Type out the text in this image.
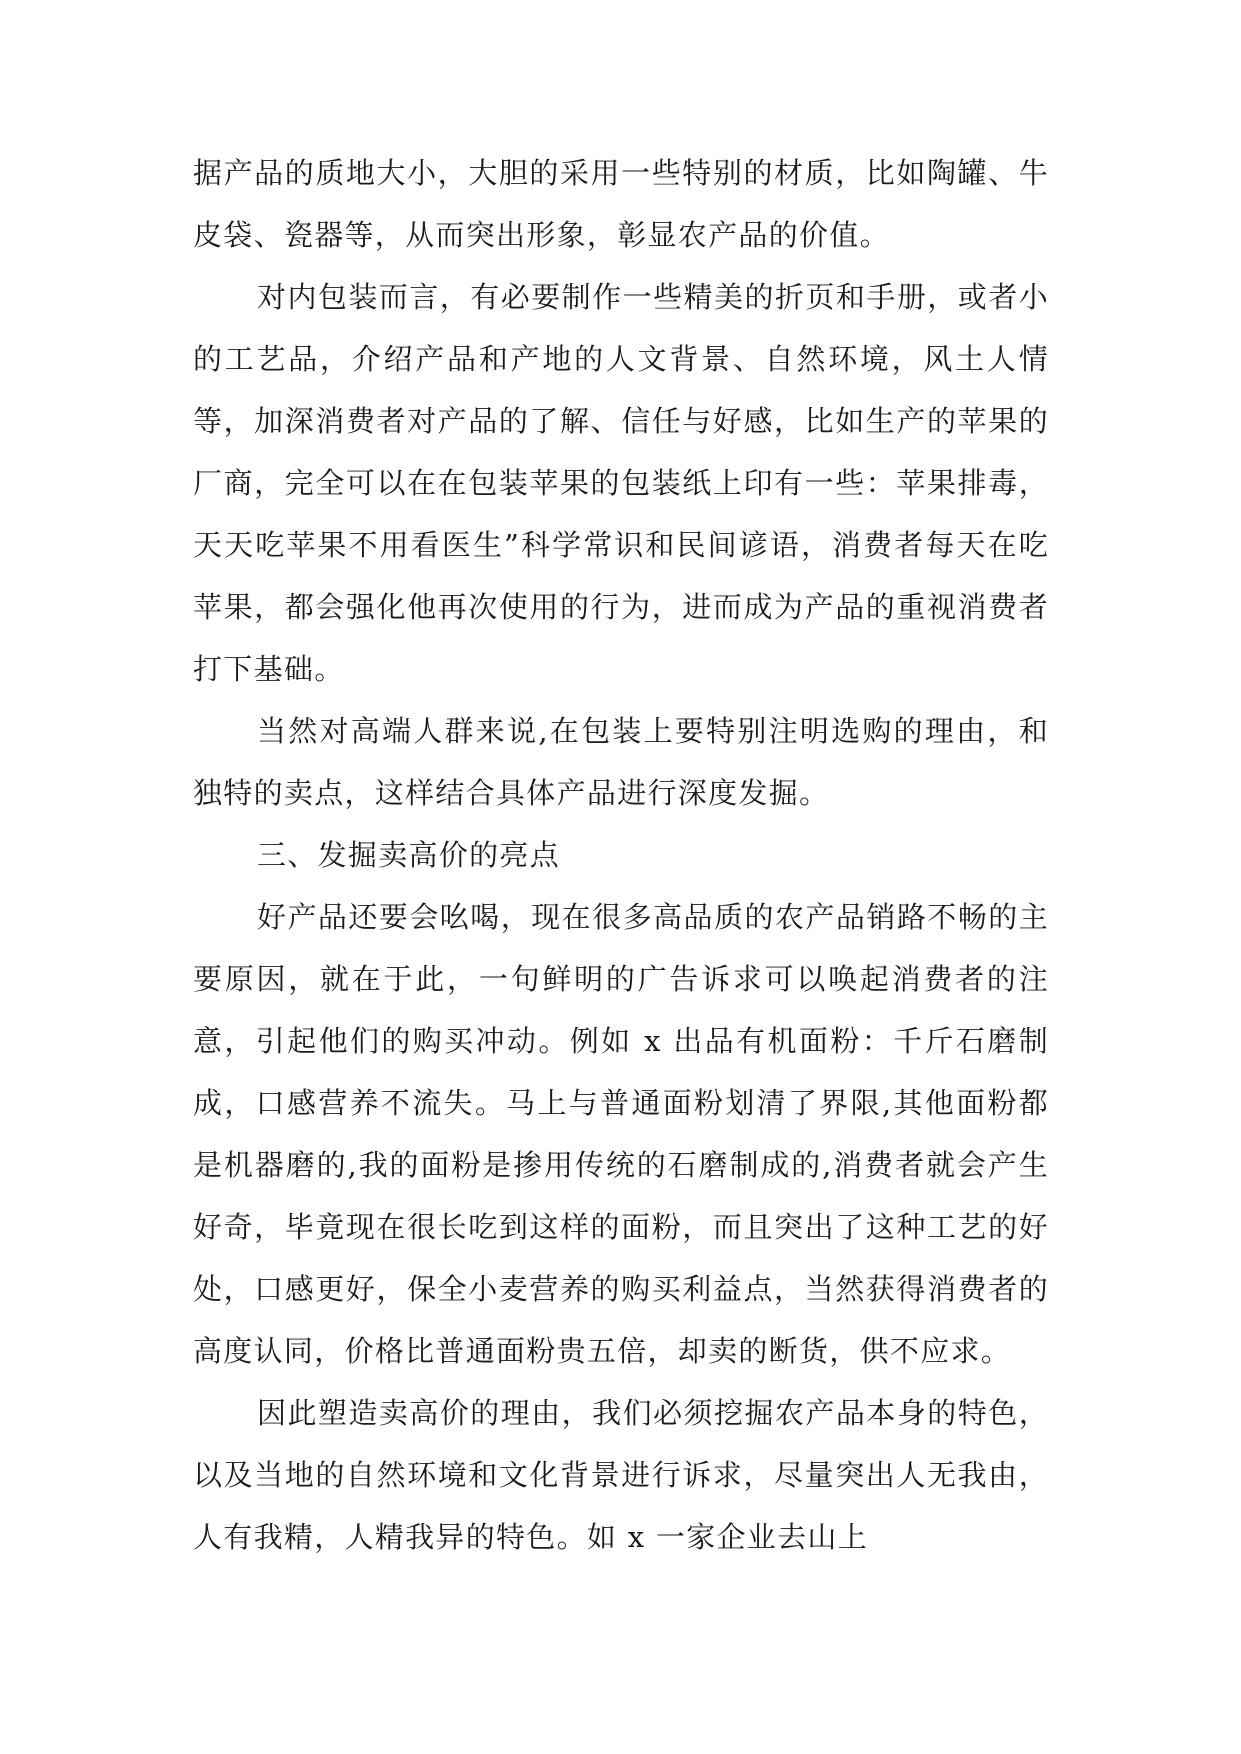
据产品的质地大小，大胆的采用一些特别的材质，比如陶罐、牛皮袋、瓷器等，从而突出形象，彰显农产品的价值。

对内包装而言，有必要制作一些精美的折页和手册，或者小的工艺品，介绍产品和产地的人文背景、自然环境，风土人情等，加深消费者对产品的了解、信任与好感，比如生产的苹果的厂商，完全可以在在包装苹果的包装纸上印有一些：苹果排毒，天天吃苹果不用看医生”科学常识和民间谚语，消费者每天在吃苹果，都会强化他再次使用的行为，进而成为产品的重视消费者打下基础。

当然对高端人群来说,在包装上要特别注明选购的理由，和独特的卖点，这样结合具体产品进行深度发掘。

三、发掘卖高价的亮点

好产品还要会吆喝，现在很多高品质的农产品销路不畅的主要原因，就在于此，一句鲜明的广告诉求可以唤起消费者的注意，引起他们的购买冲动。例如 x 出品有机面粉：千斤石磨制成，口感营养不流失。马上与普通面粉划清了界限,其他面粉都是机器磨的,我的面粉是掺用传统的石磨制成的,消费者就会产生好奇，毕竟现在很长吃到这样的面粉，而且突出了这种工艺的好处，口感更好，保全小麦营养的购买利益点，当然获得消费者的高度认同，价格比普通面粉贵五倍，却卖的断货，供不应求。

因此塑造卖高价的理由，我们必须挖掘农产品本身的特色，以及当地的自然环境和文化背景进行诉求，尽量突出人无我由，人有我精，人精我异的特色。如 x 一家企业去山上
